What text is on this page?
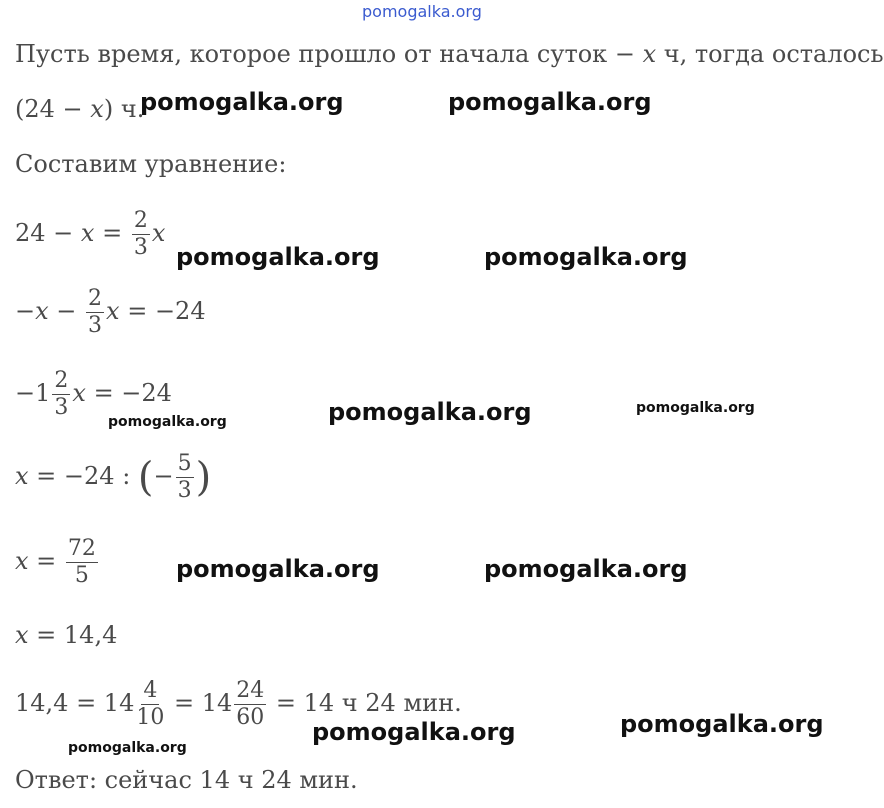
pomogalka.org
pomogalka.org	pomogalka.org
pomogalka.org	pomogalka.org
pomogalka.org	pomogalka.org	pomogalka.org
pomogalka.org	pomogalka.org
pomogalka.org
pomogalka.org
pomogalka.org
Пусть время, которое прошло от начала суток − x ч, тогда осталось
(24 − x) ч.
Составим уравнение:
$24 - x = \frac{2}{3}$ x
$-x - \frac{2}{3}$ x = −24
$-1 \frac{2}{3}$ x = −24
x = −24 : (− $\frac{5}{3}$ )
$x = \frac{72}{5}$
x = 14,4
$14,4 = 14 \frac{4}{10} = 14 \frac{24}{60} = 14$ ч 24 мин.
Ответ: сейчас 14 ч 24 мин.
